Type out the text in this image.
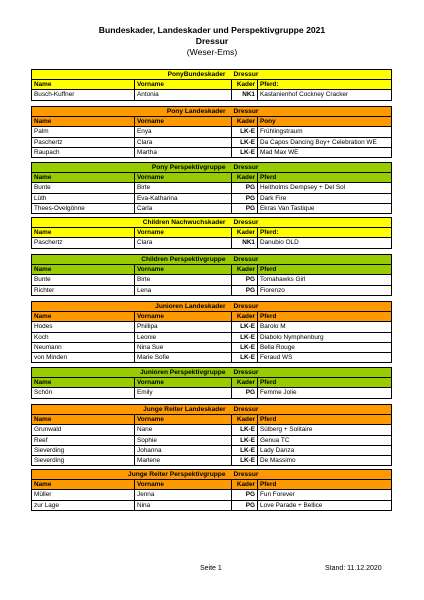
Bundeskader, Landeskader und Perspektivgruppe 2021
Dressur
(Weser-Ems)
PonyBundeskader		Dressur	
Name	Vorname	Kader	Pferd:
Busch-Kuffner	Antonia	NK1	Kastanienhof Cockney Cracker
Pony Landeskader		Dressur	
Name	Vorname	Kader	Pony
Palm	Enya	LK-E	Frühlingstraum
Paschertz	Clara	LK-E	Da Capos Dancing Boy+ Celebration WE
Raupach	Martha	LK-E	Mad Max WE
Pony Perspektivgruppe		Dressur	
Name	Vorname	Kader	Pferd
Bunte	Birte	PG	Heitholms Dempsey + Del Sol
Lüth	Eva-Katharina	PG	Dark Fire
Thees-Ovelgönne	Carla	PG	Ekras Van Tastique
Children Nachwuchskader		Dressur	
Name	Vorname	Kader	Pferd:
Paschertz	Clara	NK1	Danubio OLD
Children Perspektivgruppe		Dressur	
Name	Vorname	Kader	Pferd
Bunte	Birte	PG	Tomahawks Girl
Richter	Lena	PG	Fiorenzo
Junioren Landeskader		Dressur	
Name	Vorname	Kader	Pferd
Hodes	Phillipa	LK-E	Barolo M
Koch	Leonie	LK-E	Diabolo Nymphenburg
Neumann	Nina Sue	LK-E	Bella Rouge
von Minden	Marie Sofie	LK-E	Feraud WS
Junioren Perspektivgruppe		Dressur	
Name	Vorname	Kader	Pferd
Schön	Emily	PG	Femme Jolie
Junge Reiter Landeskader		Dressur	
Name	Vorname	Kader	Pferd
Grunwald	Nane	LK-E	Sülberg + Solitaire
Reef	Sophie	LK-E	Genua TC
Sieverding	Johanna	LK-E	Lady Danza
Sieverding	Marlene	LK-E	De Massimo
Junge Reiter Perspektivgruppe		Dressur	
Name	Vorname	Kader	Pferd
Müller	Jenna	PG	Fun Forever
zur Lage	Nina	PG	Love Parade + Bellice
Seite 1	Stand: 11.12.2020
